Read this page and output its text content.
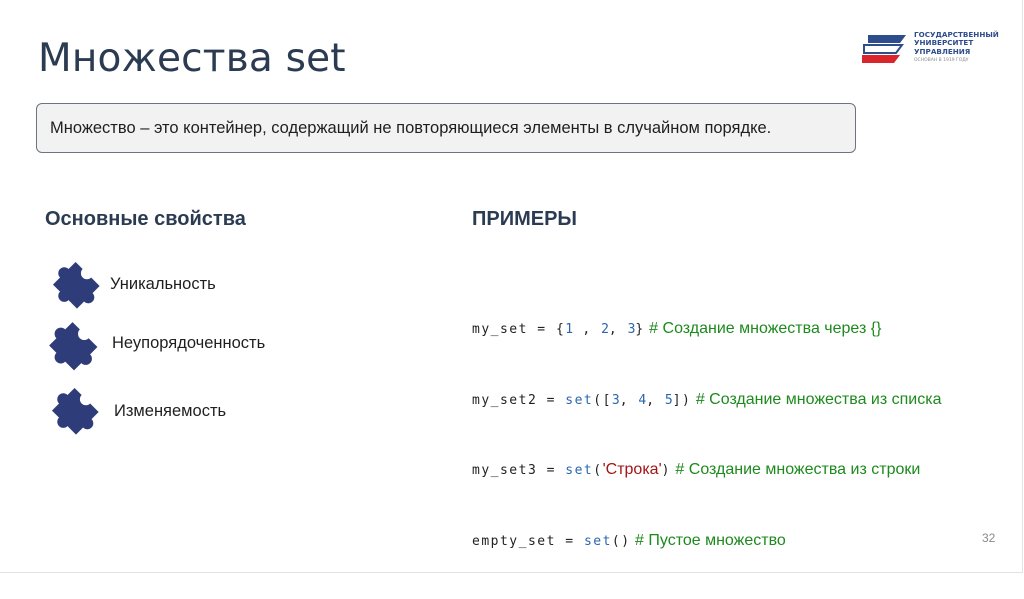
Множества set
ГОСУДАРСТВЕННЫЙ
УНИВЕРСИТЕТ
УПРАВЛЕНИЯ
ОСНОВАН В 1919 ГОДУ
Множество – это контейнер, содержащий не повторяющиеся элементы в случайном порядке.
Основные свойства	ПРИМЕРЫ
Уникальность
Неупорядоченность
Изменяемость

my_set = {1 , 2, 3} # Создание множества через {}

my_set2 = set([3, 4, 5]) # Создание множества из списка

my_set3 = set('Строка') # Создание множества из строки

empty_set = set() # Пустое множество

	32
